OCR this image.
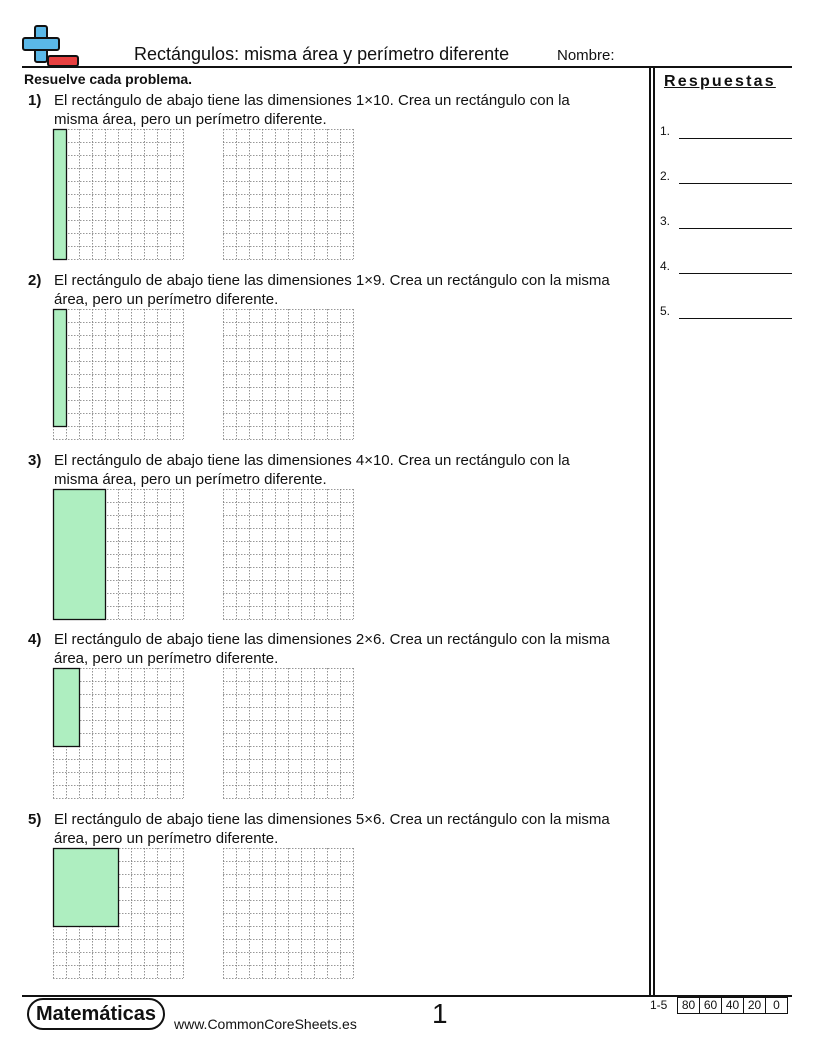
Rectángulos: misma área y perímetro diferente	Nombre:
Resuelve cada problema.	Respuestas
1.
2.
3.
4.
5.
1) El rectángulo de abajo tiene las dimensiones 1×10. Crea un rectángulo con la
misma área, pero un perímetro diferente.
2) El rectángulo de abajo tiene las dimensiones 1×9. Crea un rectángulo con la misma
área, pero un perímetro diferente.
3) El rectángulo de abajo tiene las dimensiones 4×10. Crea un rectángulo con la
misma área, pero un perímetro diferente.
4) El rectángulo de abajo tiene las dimensiones 2×6. Crea un rectángulo con la misma
área, pero un perímetro diferente.
5) El rectángulo de abajo tiene las dimensiones 5×6. Crea un rectángulo con la misma
área, pero un perímetro diferente.
Matemáticas	www.CommonCoreSheets.es	1	1-5	80 60 40 20 0
